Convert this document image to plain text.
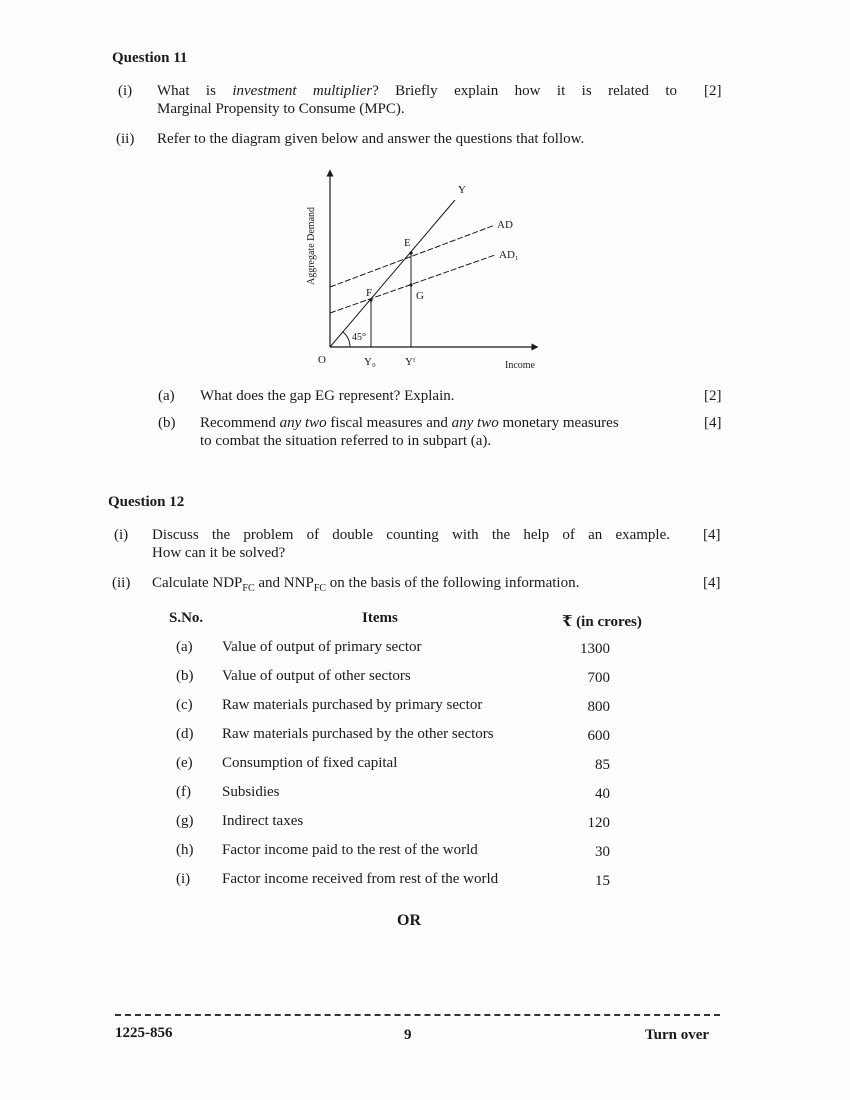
Question 11
(i) What is investment multiplier? Briefly explain how it is related to
Marginal Propensity to Consume (MPC).
[2]
(ii) Refer to the diagram given below and answer the questions that follow.
Aggregate Demand
Income
O
Y
AD
AD₁
E
F	G
45°
Y₀	Yᶠ
(a) What does the gap EG represent? Explain.	[2]
(b) Recommend any two fiscal measures and any two monetary measures
to combat the situation referred to in subpart (a).
[4]
Question 12
(i) Discuss the problem of double counting with the help of an example.
How can it be solved?
[4]
(ii) Calculate $NDP_{FC}$ and $NNP_{FC}$ on the basis of the following information.	[4]
S.No.	Items	₹ (in crores)
(a) Value of output of primary sector	1300
(b) Value of output of other sectors	700
(c) Raw materials purchased by primary sector	800
(d) Raw materials purchased by the other sectors	600
(e) Consumption of fixed capital	85
(f) Subsidies	40
(g) Indirect taxes	120
(h) Factor income paid to the rest of the world	30
(i) Factor income received from rest of the world	15
OR
1225-856	9	Turn over
